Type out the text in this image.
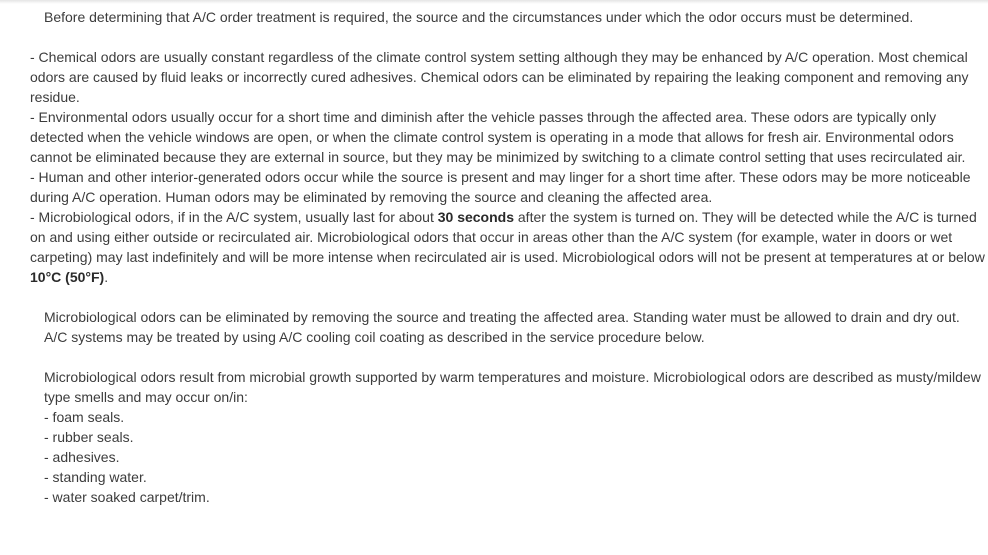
Before determining that A/C order treatment is required, the source and the circumstances under which the odor occurs must be determined.

- Chemical odors are usually constant regardless of the climate control system setting although they may be enhanced by A/C operation. Most chemical odors are caused by fluid leaks or incorrectly cured adhesives. Chemical odors can be eliminated by repairing the leaking component and removing any residue.

- Environmental odors usually occur for a short time and diminish after the vehicle passes through the affected area. These odors are typically only detected when the vehicle windows are open, or when the climate control system is operating in a mode that allows for fresh air. Environmental odors cannot be eliminated because they are external in source, but they may be minimized by switching to a climate control setting that uses recirculated air.

- Human and other interior-generated odors occur while the source is present and may linger for a short time after. These odors may be more noticeable during A/C operation. Human odors may be eliminated by removing the source and cleaning the affected area.

- Microbiological odors, if in the A/C system, usually last for about 30 seconds after the system is turned on. They will be detected while the A/C is turned on and using either outside or recirculated air. Microbiological odors that occur in areas other than the A/C system (for example, water in doors or wet carpeting) may last indefinitely and will be more intense when recirculated air is used. Microbiological odors will not be present at temperatures at or below 10°C (50°F).

Microbiological odors can be eliminated by removing the source and treating the affected area. Standing water must be allowed to drain and dry out. A/C systems may be treated by using A/C cooling coil coating as described in the service procedure below.

Microbiological odors result from microbial growth supported by warm temperatures and moisture. Microbiological odors are described as musty/mildew type smells and may occur on/in:

- foam seals.
- rubber seals.
- adhesives.
- standing water.
- water soaked carpet/trim.
